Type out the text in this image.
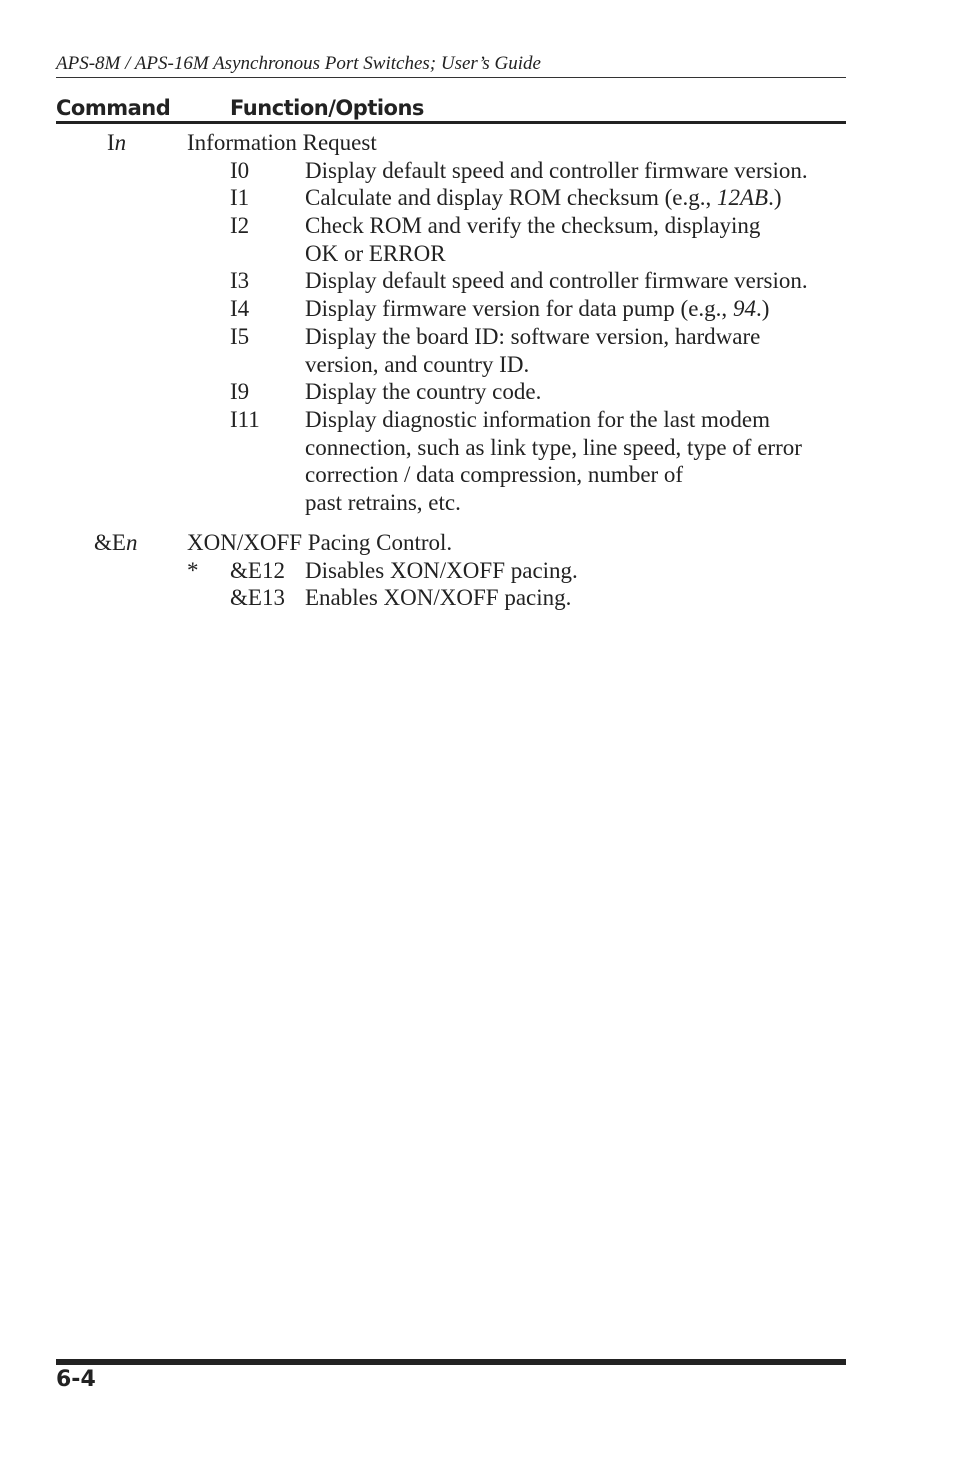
APS-8M / APS-16M Asynchronous Port Switches; User’s Guide
Command	Function/Options
In	Information Request
I0 Display default speed and controller firmware version.
I1 Calculate and display ROM checksum (e.g., 12AB.)
I2 Check ROM and verify the checksum, displaying
OK or ERROR
I3 Display default speed and controller firmware version.
I4 Display firmware version for data pump (e.g., 94.)
I5 Display the board ID: software version, hardware
version, and country ID.
I9 Display the country code.
I11 Display diagnostic information for the last modem
connection, such as link type, line speed, type of error
correction / data compression, number of
past retrains, etc.
&En XON/XOFF Pacing Control.
* &E12 Disables XON/XOFF pacing.
&E13 Enables XON/XOFF pacing.
6-4
